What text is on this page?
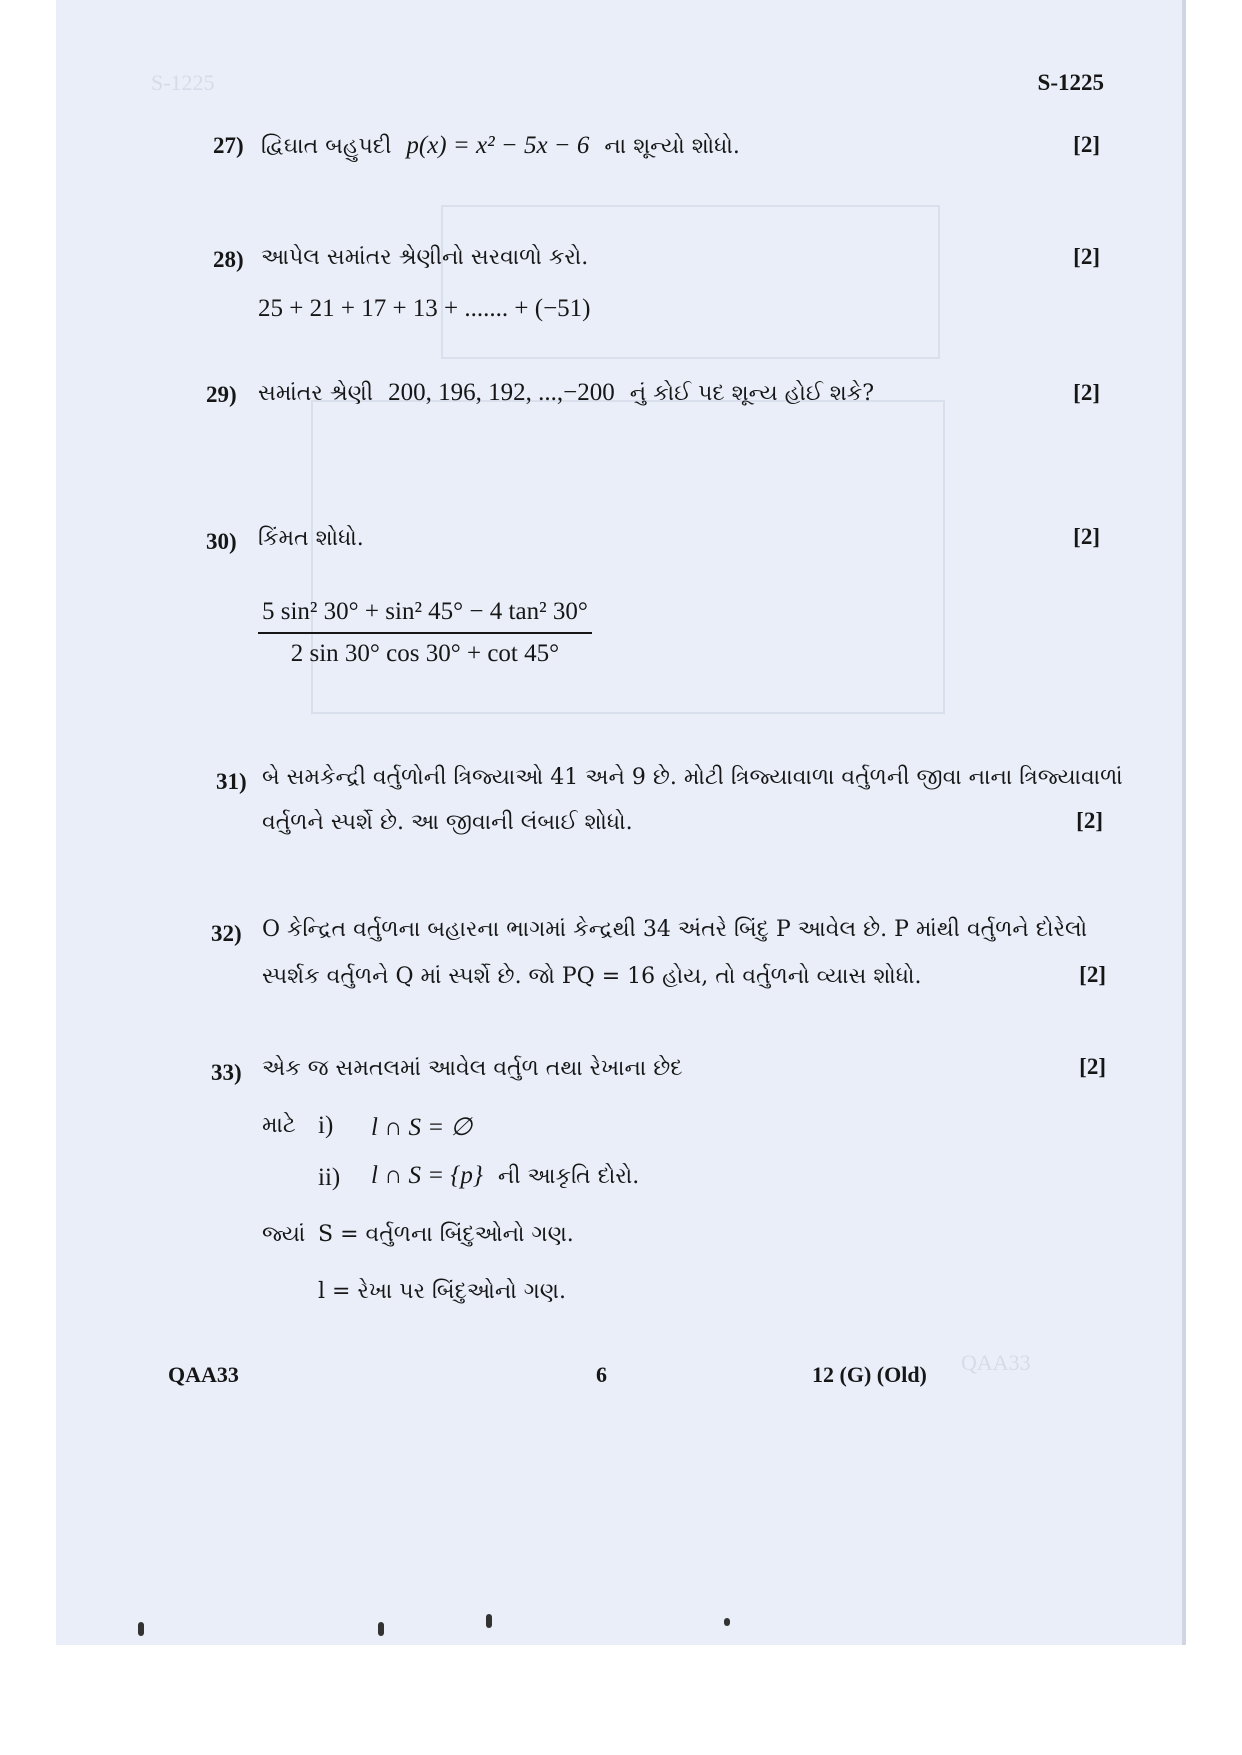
S-1225
QAA33
S-1225
27) દ્વિઘાત બહુપદી p(x) = x² − 5x − 6 ના શૂન્યો શોધો.	[2]
28) આપેલ સમાંતર શ્રેણીનો સરવાળો કરો.	[2]
25 + 21 + 17 + 13 + ....... + (−51)
29) સમાંતર શ્રેણી 200, 196, 192, ...,−200 નું કોઈ પદ શૂન્ય હોઈ શકે?	[2]
30) કિંમત શોધો.	[2]
$\frac{\text{5 sin² 30° + sin² 45° − 4 tan² 30°}}{2 \sin 30^\circ \cos 30^\circ + \cot 45^\circ}$
31) બે સમકેન્દ્રી વર્તુળોની ત્રિજ્યાઓ 41 અને 9 છે. મોટી ત્રિજ્યાવાળા વર્તુળની જીવા નાના ત્રિજ્યાવાળાં
વર્તુળને સ્પર્શે છે. આ જીવાની લંબાઈ શોધો.	[2]
32) O કેન્દ્રિત વર્તુળના બહારના ભાગમાં કેન્દ્રથી 34 અંતરે બિંદુ P આવેલ છે. P માંથી વર્તુળને દોરેલો
સ્પર્શક વર્તુળને Q માં સ્પર્શે છે. જો PQ = 16 હોય, તો વર્તુળનો વ્યાસ શોધો.	[2]
33) એક જ સમતલમાં આવેલ વર્તુળ તથા રેખાના છેદ	[2]
માટે i) l ∩ S = ∅
ii) l ∩ S = {p} ની આકૃતિ દોરો.
જ્યાં S = વર્તુળના બિંદુઓનો ગણ.
l = રેખા પર બિંદુઓનો ગણ.
QAA33	6	12 (G) (Old)
